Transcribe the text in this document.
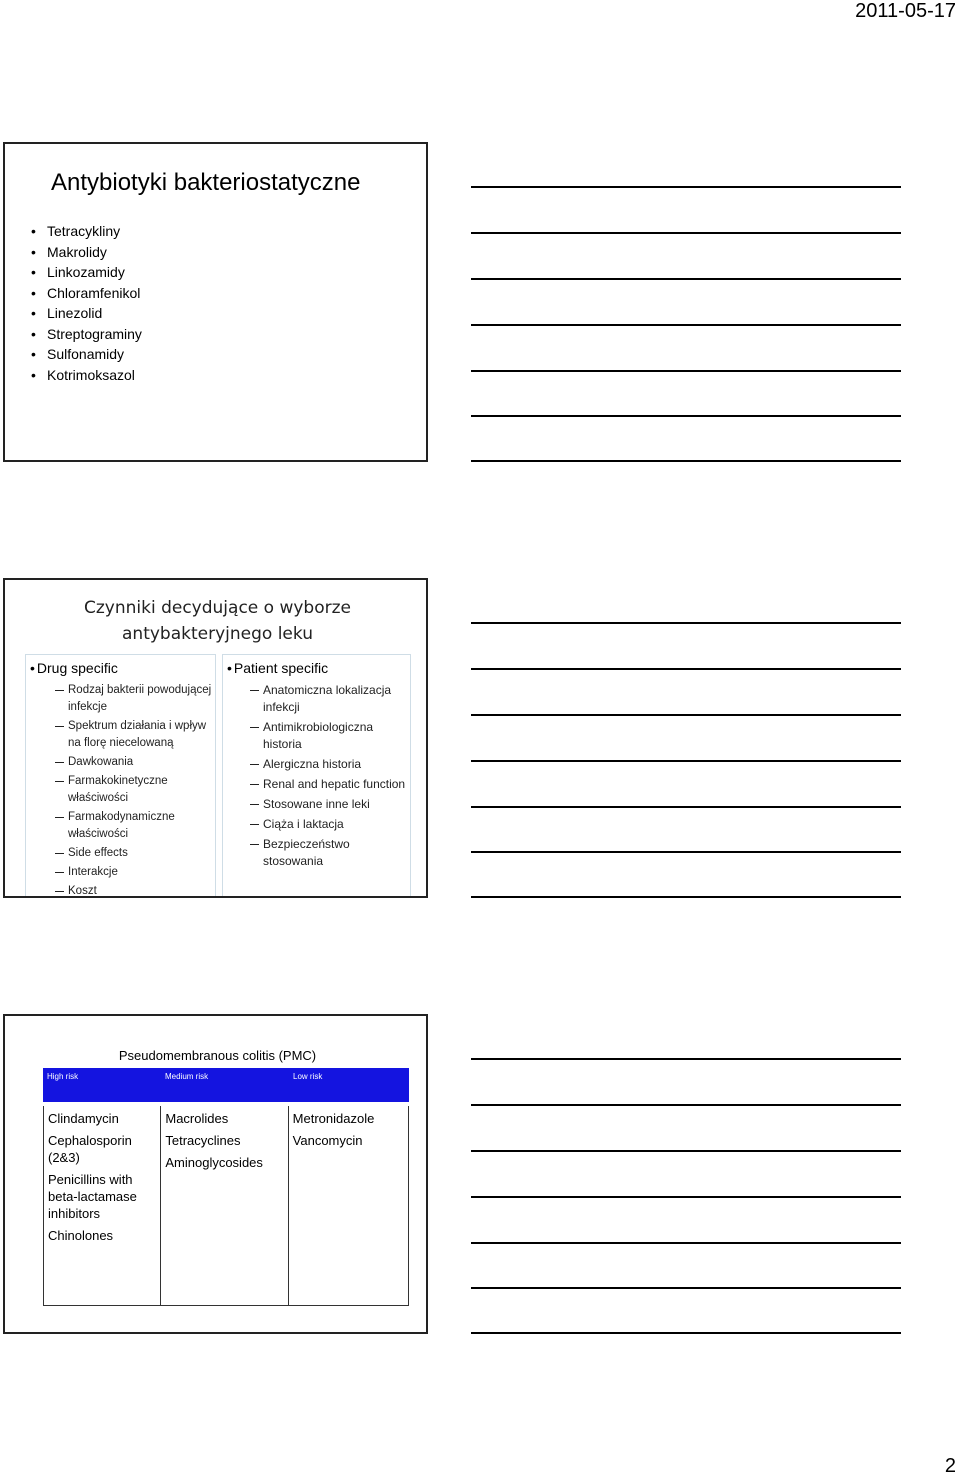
2011-05-17
Antybiotyki bakteriostatyczne
• Tetracykliny
• Makrolidy
• Linkozamidy
• Chloramfenikol
• Linezolid
• Streptograminy
• Sulfonamidy
• Kotrimoksazol
Czynniki decydujące o wyborze
antybakteryjnego leku
• Drug specific
Rodzaj bakterii powodującej infekcje
Spektrum działania i wpływ na florę niecelowaną
Dawkowania
Farmakokinetyczne właściwości
Farmakodynamiczne właściwości
Side effects
Interakcje
Koszt
• Patient specific
Anatomiczna lokalizacja infekcji
Antimikrobiologiczna historia
Alergiczna historia
Renal and hepatic function
Stosowane inne leki
Ciąża i laktacja
Bezpieczeństwo stosowania
Pseudomembranous colitis (PMC)
High risk	Medium risk	Low risk
Clindamycin
Cephalosporin (2&3)
Penicillins with beta-lactamase inhibitors
Chinolones
Macrolides
Tetracyclines
Aminoglycosides
Metronidazole
Vancomycin
2
